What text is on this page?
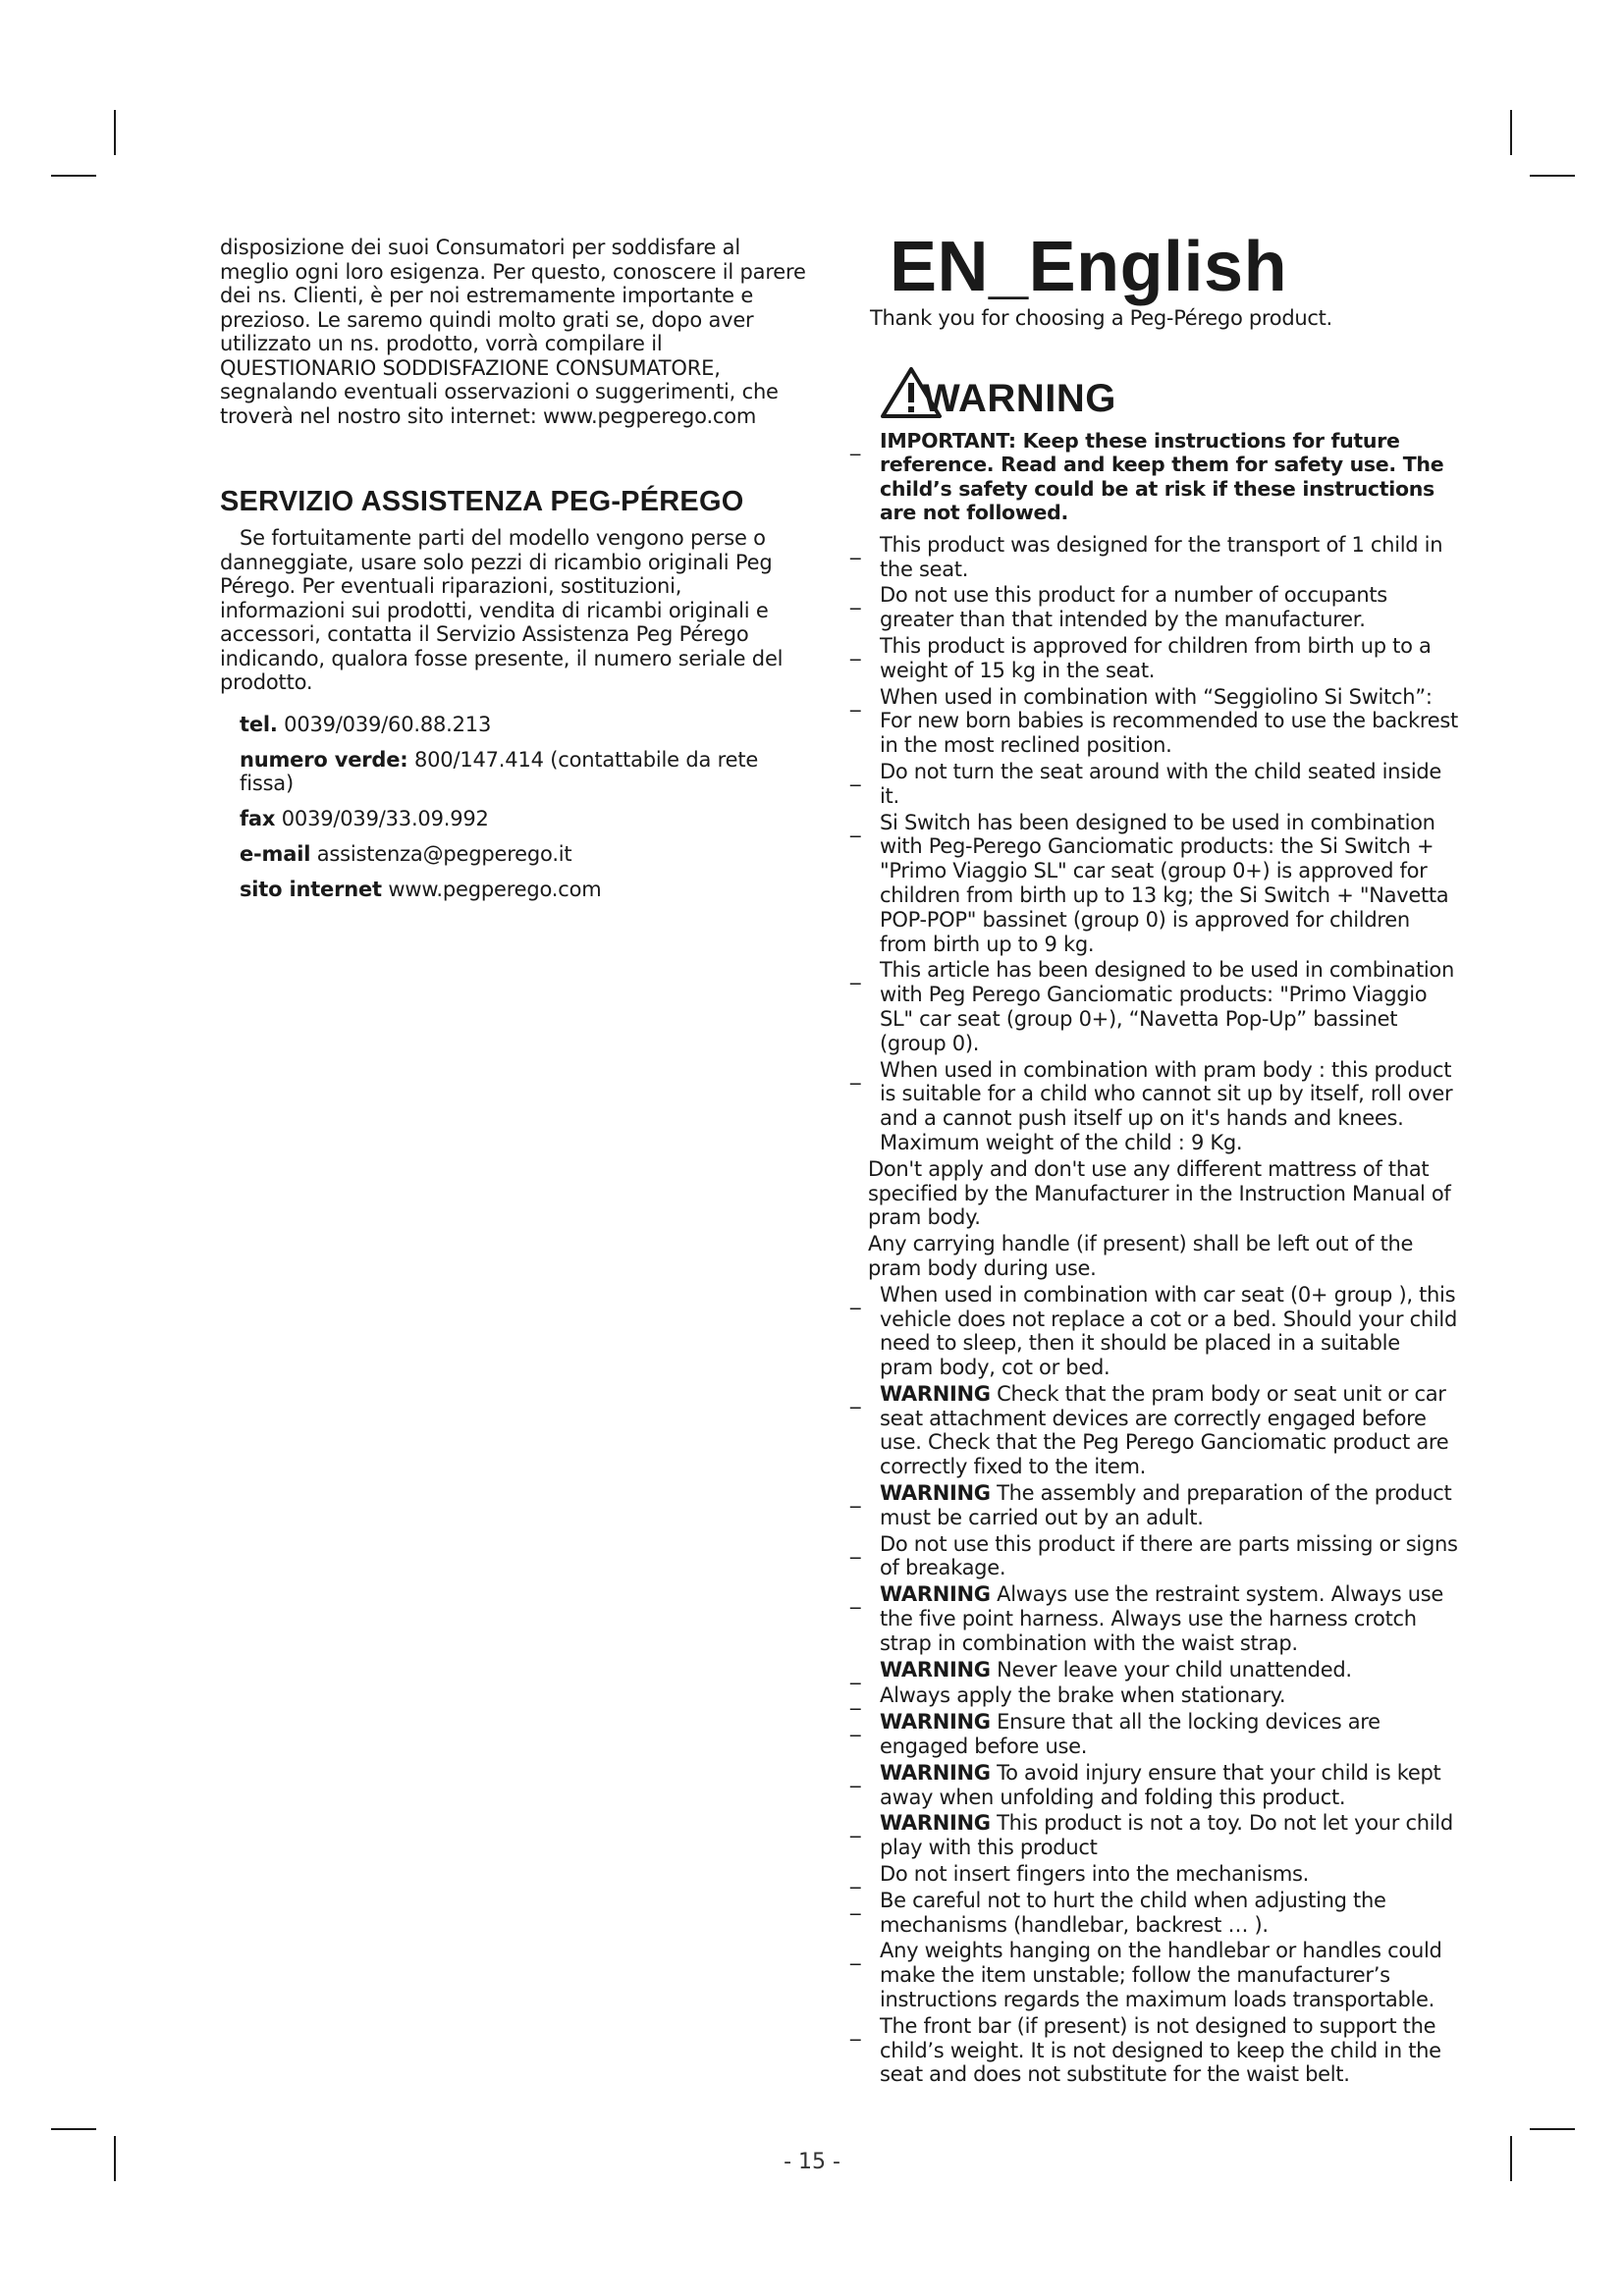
disposizione dei suoi Consumatori per soddisfare al meglio ogni loro esigenza. Per questo, conoscere il parere dei ns. Clienti, è per noi estremamente importante e prezioso. Le saremo quindi molto grati se, dopo aver utilizzato un ns. prodotto, vorrà compilare il QUESTIONARIO SODDISFAZIONE CONSUMATORE, segnalando eventuali osservazioni o suggerimenti, che troverà nel nostro sito internet: www.pegperego.com

SERVIZIO ASSISTENZA PEG-PÉREGO

Se fortuitamente parti del modello vengono perse o danneggiate, usare solo pezzi di ricambio originali Peg Pérego. Per eventuali riparazioni, sostituzioni, informazioni sui prodotti, vendita di ricambi originali e accessori, contatta il Servizio Assistenza Peg Pérego indicando, qualora fosse presente, il numero seriale del prodotto.

tel. 0039/039/60.88.213
numero verde: 800/147.414 (contattabile da rete fissa)
fax 0039/039/33.09.992
e-mail assistenza@pegperego.it
sito internet www.pegperego.com
EN_English
Thank you for choosing a Peg-Pérego product.
WARNING
_ IMPORTANT: Keep these instructions for future reference. Read and keep them for safety use. The child’s safety could be at risk if these instructions are not followed.
_ This product was designed for the transport of 1 child in the seat.
_ Do not use this product for a number of occupants greater than that intended by the manufacturer.
_ This product is approved for children from birth up to a weight of 15 kg in the seat.
_ When used in combination with “Seggiolino Si Switch”: For new born babies is recommended to use the backrest in the most reclined position.
_ Do not turn the seat around with the child seated inside it.
_ Si Switch has been designed to be used in combination with Peg-Perego Ganciomatic products: the Si Switch + "Primo Viaggio SL" car seat (group 0+) is approved for children from birth up to 13 kg; the Si Switch + "Navetta POP-POP" bassinet (group 0) is approved for children from birth up to 9 kg.
_ This article has been designed to be used in combination with Peg Perego Ganciomatic products: "Primo Viaggio SL" car seat (group 0+), “Navetta Pop-Up” bassinet (group 0).
_ When used in combination with pram body : this product is suitable for a child who cannot sit up by itself, roll over and a cannot push itself up on it's hands and knees. Maximum weight of the child : 9 Kg.
Don't apply and don't use any different mattress of that specified by the Manufacturer in the Instruction Manual of pram body.
Any carrying handle (if present) shall be left out of the pram body during use.
_ When used in combination with car seat (0+ group ), this vehicle does not replace a cot or a bed. Should your child need to sleep, then it should be placed in a suitable pram body, cot or bed.
_ WARNING Check that the pram body or seat unit or car seat attachment devices are correctly engaged before use. Check that the Peg Perego Ganciomatic product are correctly fixed to the item.
_ WARNING The assembly and preparation of the product must be carried out by an adult.
_ Do not use this product if there are parts missing or signs of breakage.
_ WARNING Always use the restraint system. Always use the five point harness. Always use the harness crotch strap in combination with the waist strap.
_ WARNING Never leave your child unattended.
_ Always apply the brake when stationary.
_ WARNING Ensure that all the locking devices are engaged before use.
_ WARNING To avoid injury ensure that your child is kept away when unfolding and folding this product.
_ WARNING This product is not a toy. Do not let your child play with this product
_ Do not insert fingers into the mechanisms.
_ Be careful not to hurt the child when adjusting the mechanisms (handlebar, backrest … ).
_ Any weights hanging on the handlebar or handles could make the item unstable; follow the manufacturer’s instructions regards the maximum loads transportable.
_ The front bar (if present) is not designed to support the child’s weight. It is not designed to keep the child in the seat and does not substitute for the waist belt.
- 15 -
